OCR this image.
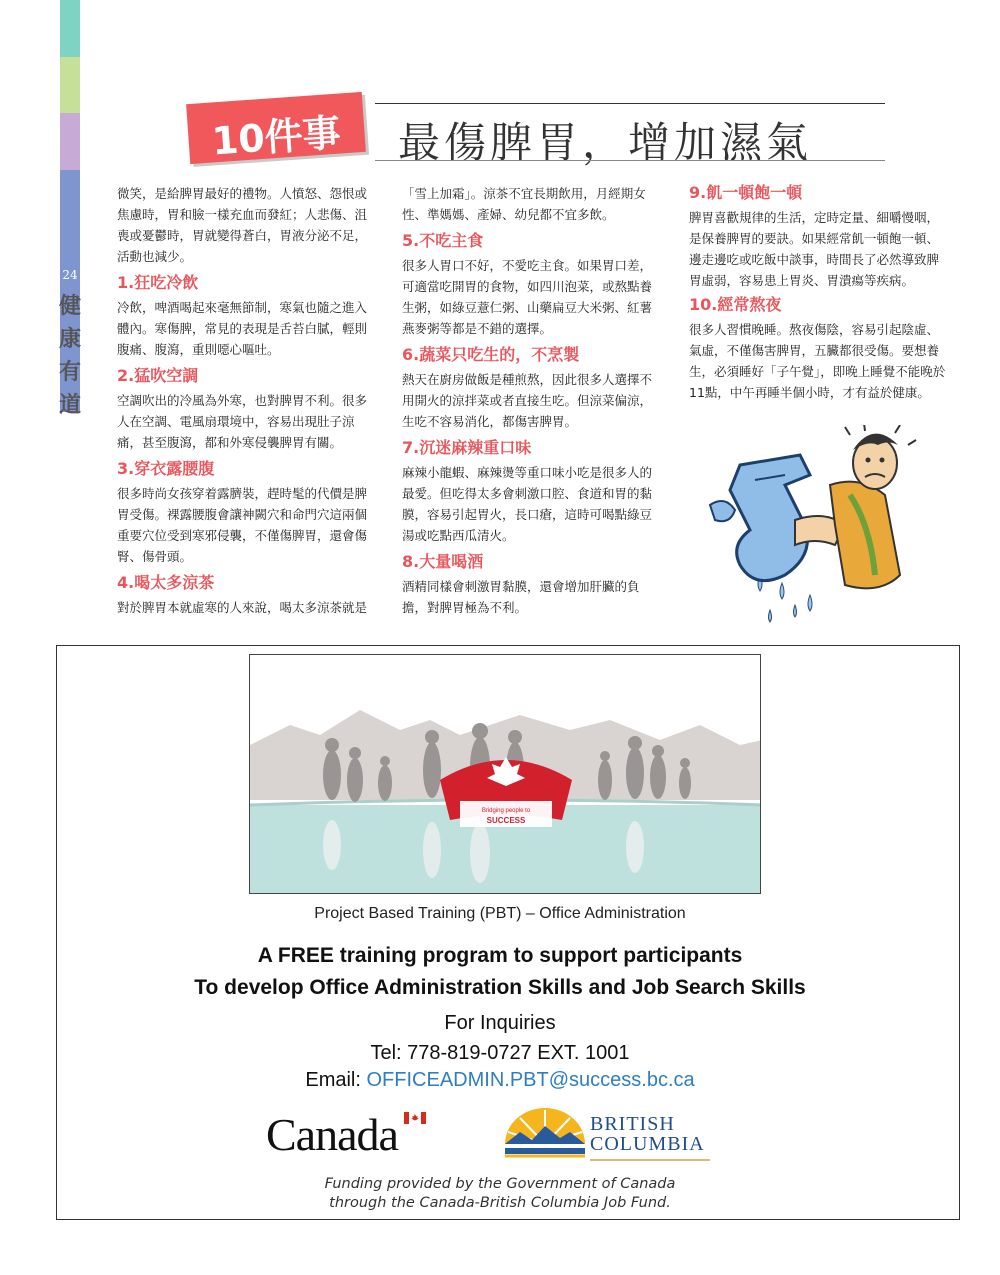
24
健
康
有
道
10件事	最傷脾胃，增加濕氣

微笑，是給脾胃最好的禮物。人憤怒、怨恨或焦慮時，胃和臉一樣充血而發紅；人悲傷、沮喪或憂鬱時，胃就變得蒼白，胃液分泌不足，活動也減少。

1.狂吃冷飲

冷飲，啤酒喝起來毫無節制，寒氣也隨之進入體內。寒傷脾，常見的表現是舌苔白膩，輕則腹痛、腹瀉，重則噁心嘔吐。

2.猛吹空調

空調吹出的冷風為外寒，也對脾胃不利。很多人在空調、電風扇環境中，容易出現肚子涼痛，甚至腹瀉，都和外寒侵襲脾胃有關。

3.穿衣露腰腹

很多時尚女孩穿着露臍裝，趕時髦的代價是脾胃受傷。裸露腰腹會讓神闕穴和命門穴這兩個重要穴位受到寒邪侵襲，不僅傷脾胃，還會傷腎、傷骨頭。

4.喝太多涼茶

對於脾胃本就虛寒的人來說，喝太多涼茶就是

「雪上加霜」。涼茶不宜長期飲用，月經期女性、準媽媽、產婦、幼兒都不宜多飲。

5.不吃主食

很多人胃口不好，不愛吃主食。如果胃口差，可適當吃開胃的食物，如四川泡菜，或熬點養生粥，如綠豆薏仁粥、山藥扁豆大米粥、紅薯燕麥粥等都是不錯的選擇。

6.蔬菜只吃生的，不烹製

熱天在廚房做飯是種煎熬，因此很多人選擇不用開火的涼拌菜或者直接生吃。但涼菜偏涼，生吃不容易消化，都傷害脾胃。

7.沉迷麻辣重口味

麻辣小龍蝦、麻辣燙等重口味小吃是很多人的最愛。但吃得太多會刺激口腔、食道和胃的黏膜，容易引起胃火，長口瘡，這時可喝點綠豆湯或吃點西瓜清火。

8.大量喝酒

酒精同樣會刺激胃黏膜，還會增加肝臟的負擔，對脾胃極為不利。

9.飢一頓飽一頓

脾胃喜歡規律的生活，定時定量、細嚼慢咽，是保養脾胃的要訣。如果經常飢一頓飽一頓、邊走邊吃或吃飯中談事，時間長了必然導致脾胃虛弱，容易患上胃炎、胃潰瘍等疾病。

10.經常熬夜

很多人習慣晚睡。熬夜傷陰，容易引起陰虛、氣虛，不僅傷害脾胃，五臟都很受傷。要想養生，必須睡好「子午覺」，即晚上睡覺不能晚於11點，中午再睡半個小時，才有益於健康。

Bridging people to
SUCCESS
Project Based Training (PBT) – Office Administration
A FREE training program to support participants
To develop Office Administration Skills and Job Search Skills
For Inquiries
Tel: 778-819-0727 EXT. 1001
Email: OFFICEADMIN.PBT@success.bc.ca
Canada	BRITISH
COLUMBIA
Funding provided by the Government of Canada
through the Canada-British Columbia Job Fund.
